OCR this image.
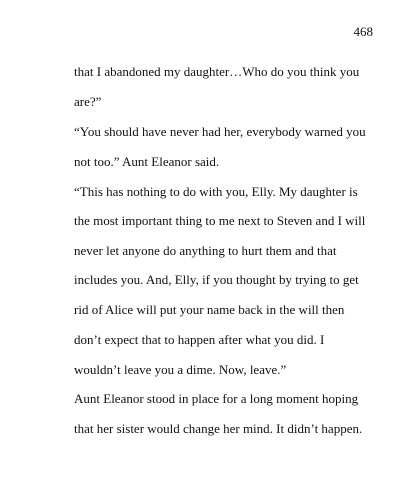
468
that I abandoned my daughter…Who do you think you
are?”
“You should have never had her, everybody warned you
not too.” Aunt Eleanor said.
“This has nothing to do with you, Elly. My daughter is
the most important thing to me next to Steven and I will
never let anyone do anything to hurt them and that
includes you. And, Elly, if you thought by trying to get
rid of Alice will put your name back in the will then
don’t expect that to happen after what you did. I
wouldn’t leave you a dime. Now, leave.”
Aunt Eleanor stood in place for a long moment hoping
that her sister would change her mind. It didn’t happen.
